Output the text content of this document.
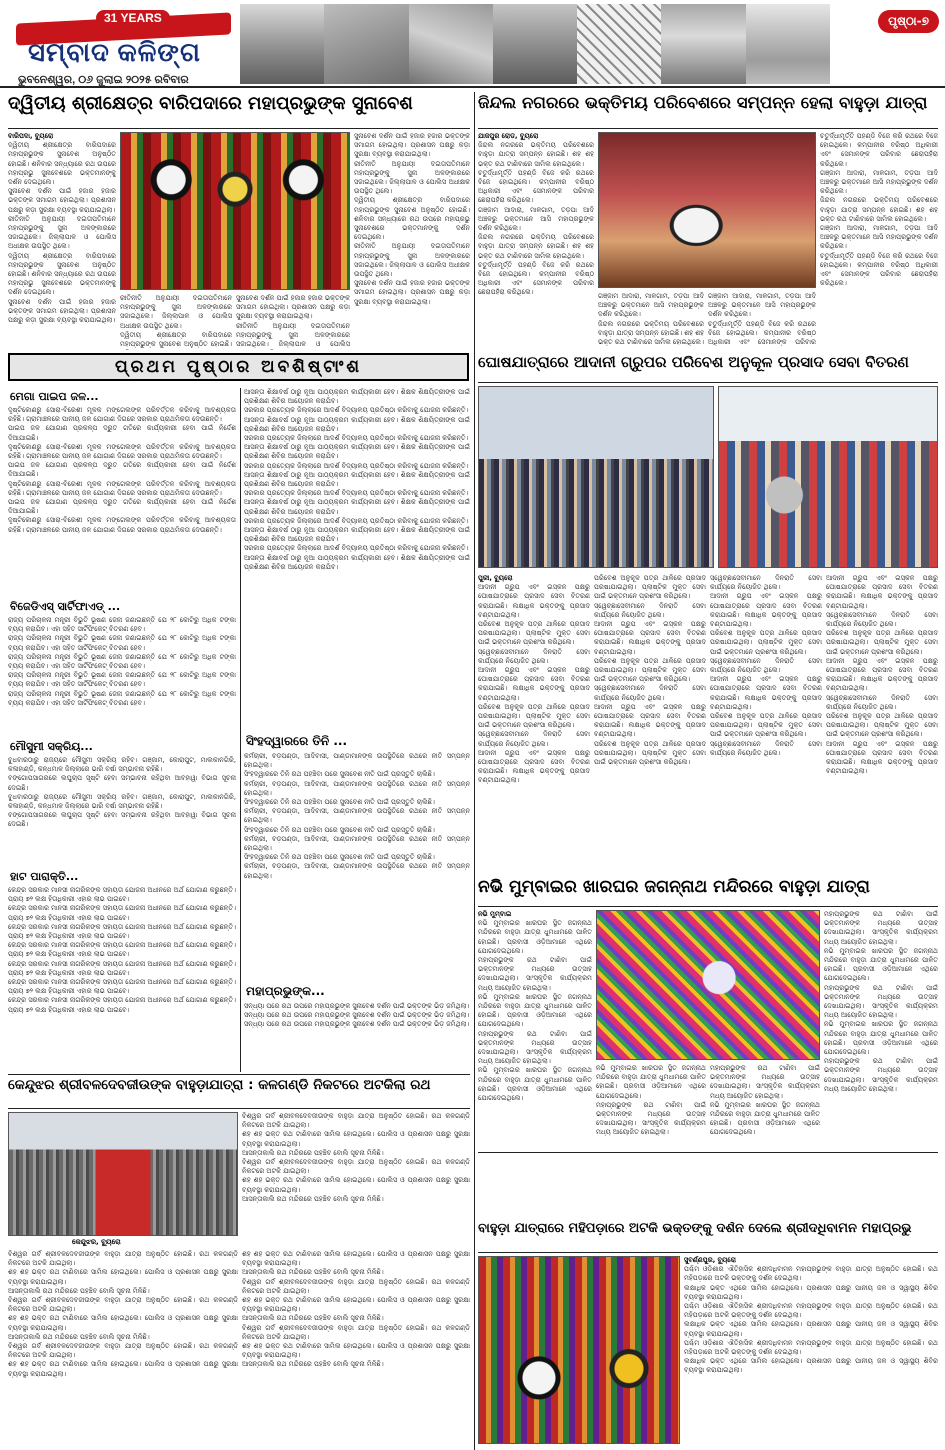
31 YEARS
ସମ୍ବାଦ କଳିଙ୍ଗ
ଭୁବନେଶ୍ୱର, ୦୬ ଜୁଲାଇ ୨୦୨୫ ରବିବାର
ପୃଷ୍ଠା-୭
ଦ୍ୱିତୀୟ ଶ୍ରୀକ୍ଷେତ୍ର ବାରିପଦାରେ ମହାପ୍ରଭୁଙ୍କ ସୁନାବେଶ
ବାରିପଦା, ବ୍ୟୁରୋ
ଦ୍ୱିତୀୟ ଶ୍ରୀକ୍ଷେତ୍ର ବାରିପଦାରେ ମହାପ୍ରଭୁଙ୍କ ସୁନାବେଶ ଅନୁଷ୍ଠିତ ହୋଇଛି। ଶନିବାର ସନ୍ଧ୍ୟାରେ ରଥ ଉପରେ ମହାପ୍ରଭୁ ସୁନାବେଶରେ ଭକ୍ତମାନଙ୍କୁ ଦର୍ଶନ ଦେଇଥିଲେ।
ସୁନାବେଶ ଦର୍ଶନ ପାଇଁ ହଜାର ହଜାର ଭକ୍ତଙ୍କ ସମାଗମ ହୋଇଥିଲା। ପ୍ରଶାସନ ପକ୍ଷରୁ କଡ଼ା ସୁରକ୍ଷା ବ୍ୟବସ୍ଥା କରାଯାଇଥିଲା।
ରୀତିନୀତି ଅନୁଯାୟୀ ଦଇତାପତିମାନେ ମହାପ୍ରଭୁଙ୍କୁ ସୁନା ଅଳଙ୍କାରରେ ସଜାଇଥିଲେ। ଜିଲ୍ଲାପାଳ ଓ ପୋଲିସ ଅଧୀକ୍ଷକ ଉପସ୍ଥିତ ଥିଲେ।
ଦ୍ୱିତୀୟ ଶ୍ରୀକ୍ଷେତ୍ର ବାରିପଦାରେ ମହାପ୍ରଭୁଙ୍କ ସୁନାବେଶ ଅନୁଷ୍ଠିତ ହୋଇଛି। ଶନିବାର ସନ୍ଧ୍ୟାରେ ରଥ ଉପରେ ମହାପ୍ରଭୁ ସୁନାବେଶରେ ଭକ୍ତମାନଙ୍କୁ ଦର୍ଶନ ଦେଇଥିଲେ।
ସୁନାବେଶ ଦର୍ଶନ ପାଇଁ ହଜାର ହଜାର ଭକ୍ତଙ୍କ ସମାଗମ ହୋଇଥିଲା। ପ୍ରଶାସନ ପକ୍ଷରୁ କଡ଼ା ସୁରକ୍ଷା ବ୍ୟବସ୍ଥା କରାଯାଇଥିଲା।
ସୁନାବେଶ ଦର୍ଶନ ପାଇଁ ହଜାର ହଜାର ଭକ୍ତଙ୍କ ସମାଗମ ହୋଇଥିଲା। ପ୍ରଶାସନ ପକ୍ଷରୁ କଡ଼ା ସୁରକ୍ଷା ବ୍ୟବସ୍ଥା କରାଯାଇଥିଲା।
ରୀତିନୀତି ଅନୁଯାୟୀ ଦଇତାପତିମାନେ ମହାପ୍ରଭୁଙ୍କୁ ସୁନା ଅଳଙ୍କାରରେ ସଜାଇଥିଲେ। ଜିଲ୍ଲାପାଳ ଓ ପୋଲିସ ଅଧୀକ୍ଷକ ଉପସ୍ଥିତ ଥିଲେ।
ଦ୍ୱିତୀୟ ଶ୍ରୀକ୍ଷେତ୍ର ବାରିପଦାରେ ମହାପ୍ରଭୁଙ୍କ ସୁନାବେଶ ଅନୁଷ୍ଠିତ ହୋଇଛି। ଶନିବାର ସନ୍ଧ୍ୟାରେ ରଥ ଉପରେ ମହାପ୍ରଭୁ ସୁନାବେଶରେ ଭକ୍ତମାନଙ୍କୁ ଦର୍ଶନ ଦେଇଥିଲେ।
ରୀତିନୀତି ଅନୁଯାୟୀ ଦଇତାପତିମାନେ ମହାପ୍ରଭୁଙ୍କୁ ସୁନା ଅଳଙ୍କାରରେ ସଜାଇଥିଲେ। ଜିଲ୍ଲାପାଳ ଓ ପୋଲିସ ଅଧୀକ୍ଷକ ଉପସ୍ଥିତ ଥିଲେ।
ସୁନାବେଶ ଦର୍ଶନ ପାଇଁ ହଜାର ହଜାର ଭକ୍ତଙ୍କ ସମାଗମ ହୋଇଥିଲା। ପ୍ରଶାସନ ପକ୍ଷରୁ କଡ଼ା ସୁରକ୍ଷା ବ୍ୟବସ୍ଥା କରାଯାଇଥିଲା।
ରୀତିନୀତି ଅନୁଯାୟୀ ଦଇତାପତିମାନେ ମହାପ୍ରଭୁଙ୍କୁ ସୁନା ଅଳଙ୍କାରରେ ସଜାଇଥିଲେ। ଜିଲ୍ଲାପାଳ ଓ ପୋଲିସ ଅଧୀକ୍ଷକ ଉପସ୍ଥିତ ଥିଲେ।
ଦ୍ୱିତୀୟ ଶ୍ରୀକ୍ଷେତ୍ର ବାରିପଦାରେ ମହାପ୍ରଭୁଙ୍କ ସୁନାବେଶ ଅନୁଷ୍ଠିତ ହୋଇଛି।
ସୁନାବେଶ ଦର୍ଶନ ପାଇଁ ହଜାର ହଜାର ଭକ୍ତଙ୍କ ସମାଗମ ହୋଇଥିଲା। ପ୍ରଶାସନ ପକ୍ଷରୁ କଡ଼ା ସୁରକ୍ଷା ବ୍ୟବସ୍ଥା କରାଯାଇଥିଲା।
ରୀତିନୀତି ଅନୁଯାୟୀ ଦଇତାପତିମାନେ ମହାପ୍ରଭୁଙ୍କୁ ସୁନା ଅଳଙ୍କାରରେ ସଜାଇଥିଲେ। ଜିଲ୍ଲାପାଳ ଓ ପୋଲିସ
ଜିନ୍ଦଲ ନଗରରେ ଭକ୍ତିମୟ ପରିବେଶରେ ସମ୍ପନ୍ନ ହେଲା ବାହୁଡ଼ା ଯାତ୍ରା
ଯାଜପୁର ରୋଡ, ବ୍ୟୁରୋ
ଜିନ୍ଦଲ ନଗରରେ ଭକ୍ତିମୟ ପରିବେଶରେ ବାହୁଡ଼ା ଯାତ୍ରା ସମ୍ପନ୍ନ ହୋଇଛି। ଶହ ଶହ ଭକ୍ତ ରଥ ଟାଣିବାରେ ସାମିଲ ହୋଇଥିଲେ।
ଚତୁର୍ଦ୍ଧାମୂର୍ତ୍ତି ପହଣ୍ଡି ବିଜେ କରି ରଥରେ ବିଜେ ହୋଇଥିଲେ। କମ୍ପାନୀର ବରିଷ୍ଠ ଅଧିକାରୀ ଏବଂ ସେମାନଙ୍କ ପରିବାର ଛେରାପହଁରା କରିଥିଲେ।
ଗଞ୍ଜାମ ଆଦାରା, ମାଳଗାମ, ତଡ଼ପା ଆଦି ଅଞ୍ଚଳରୁ ଭକ୍ତମାନେ ଆସି ମହାପ୍ରଭୁଙ୍କ ଦର୍ଶନ କରିଥିଲେ।
ଜିନ୍ଦଲ ନଗରରେ ଭକ୍ତିମୟ ପରିବେଶରେ ବାହୁଡ଼ା ଯାତ୍ରା ସମ୍ପନ୍ନ ହୋଇଛି। ଶହ ଶହ ଭକ୍ତ ରଥ ଟାଣିବାରେ ସାମିଲ ହୋଇଥିଲେ।
ଚତୁର୍ଦ୍ଧାମୂର୍ତ୍ତି ପହଣ୍ଡି ବିଜେ କରି ରଥରେ ବିଜେ ହୋଇଥିଲେ। କମ୍ପାନୀର ବରିଷ୍ଠ ଅଧିକାରୀ ଏବଂ ସେମାନଙ୍କ ପରିବାର ଛେରାପହଁରା କରିଥିଲେ।
ଚତୁର୍ଦ୍ଧାମୂର୍ତ୍ତି ପହଣ୍ଡି ବିଜେ କରି ରଥରେ ବିଜେ ହୋଇଥିଲେ। କମ୍ପାନୀର ବରିଷ୍ଠ ଅଧିକାରୀ ଏବଂ ସେମାନଙ୍କ ପରିବାର ଛେରାପହଁରା କରିଥିଲେ।
ଗଞ୍ଜାମ ଆଦାରା, ମାଳଗାମ, ତଡ଼ପା ଆଦି ଅଞ୍ଚଳରୁ ଭକ୍ତମାନେ ଆସି ମହାପ୍ରଭୁଙ୍କ ଦର୍ଶନ କରିଥିଲେ।
ଜିନ୍ଦଲ ନଗରରେ ଭକ୍ତିମୟ ପରିବେଶରେ ବାହୁଡ଼ା ଯାତ୍ରା ସମ୍ପନ୍ନ ହୋଇଛି। ଶହ ଶହ ଭକ୍ତ ରଥ ଟାଣିବାରେ ସାମିଲ ହୋଇଥିଲେ।
ଗଞ୍ଜାମ ଆଦାରା, ମାଳଗାମ, ତଡ଼ପା ଆଦି ଅଞ୍ଚଳରୁ ଭକ୍ତମାନେ ଆସି ମହାପ୍ରଭୁଙ୍କ ଦର୍ଶନ କରିଥିଲେ।
ଚତୁର୍ଦ୍ଧାମୂର୍ତ୍ତି ପହଣ୍ଡି ବିଜେ କରି ରଥରେ ବିଜେ ହୋଇଥିଲେ। କମ୍ପାନୀର ବରିଷ୍ଠ ଅଧିକାରୀ ଏବଂ ସେମାନଙ୍କ ପରିବାର ଛେରାପହଁରା କରିଥିଲେ।
ଗଞ୍ଜାମ ଆଦାରା, ମାଳଗାମ, ତଡ଼ପା ଆଦି ଅଞ୍ଚଳରୁ ଭକ୍ତମାନେ ଆସି ମହାପ୍ରଭୁଙ୍କ ଦର୍ଶନ କରିଥିଲେ।
ଜିନ୍ଦଲ ନଗରରେ ଭକ୍ତିମୟ ପରିବେଶରେ ବାହୁଡ଼ା ଯାତ୍ରା ସମ୍ପନ୍ନ ହୋଇଛି। ଶହ ଶହ ଭକ୍ତ ରଥ ଟାଣିବାରେ ସାମିଲ ହୋଇଥିଲେ।
ଗଞ୍ଜାମ ଆଦାରା, ମାଳଗାମ, ତଡ଼ପା ଆଦି ଅଞ୍ଚଳରୁ ଭକ୍ତମାନେ ଆସି ମହାପ୍ରଭୁଙ୍କ ଦର୍ଶନ କରିଥିଲେ।
ଚତୁର୍ଦ୍ଧାମୂର୍ତ୍ତି ପହଣ୍ଡି ବିଜେ କରି ରଥରେ ବିଜେ ହୋଇଥିଲେ। କମ୍ପାନୀର ବରିଷ୍ଠ ଅଧିକାରୀ ଏବଂ ସେମାନଙ୍କ ପରିବାର
ପ୍ରଥମ ପୃଷ୍ଠାର ଅବଶିଷ୍ଟାଂଶ
ମେଗା ପାଇପ ଜଳ...
ଦୃଷ୍ଟିକୋଣରୁ ସୋରା-ବିରେଶୀ ମୂଳକ ମଙ୍ଗେଲଙ୍କ ପରିବର୍ତ୍ତନ କରିବାକୁ ଆବଶ୍ୟକତା ରହିଛି। ଗ୍ରାମାଞ୍ଚଳରେ ପାନୀୟ ଜଳ ଯୋଗାଣ ଦିଗରେ ସରକାର ପ୍ରାଥମିକତା ଦେଉଛନ୍ତି।
ପାଇପ ଜଳ ଯୋଗାଣ ପ୍ରକଳ୍ପ ଦ୍ରୁତ ଗତିରେ କାର୍ଯ୍ୟକାରୀ ହେବା ପାଇଁ ନିର୍ଦ୍ଦେଶ ଦିଆଯାଇଛି।
ଦୃଷ୍ଟିକୋଣରୁ ସୋରା-ବିରେଶୀ ମୂଳକ ମଙ୍ଗେଲଙ୍କ ପରିବର୍ତ୍ତନ କରିବାକୁ ଆବଶ୍ୟକତା ରହିଛି। ଗ୍ରାମାଞ୍ଚଳରେ ପାନୀୟ ଜଳ ଯୋଗାଣ ଦିଗରେ ସରକାର ପ୍ରାଥମିକତା ଦେଉଛନ୍ତି।
ପାଇପ ଜଳ ଯୋଗାଣ ପ୍ରକଳ୍ପ ଦ୍ରୁତ ଗତିରେ କାର୍ଯ୍ୟକାରୀ ହେବା ପାଇଁ ନିର୍ଦ୍ଦେଶ ଦିଆଯାଇଛି।
ଦୃଷ୍ଟିକୋଣରୁ ସୋରା-ବିରେଶୀ ମୂଳକ ମଙ୍ଗେଲଙ୍କ ପରିବର୍ତ୍ତନ କରିବାକୁ ଆବଶ୍ୟକତା ରହିଛି। ଗ୍ରାମାଞ୍ଚଳରେ ପାନୀୟ ଜଳ ଯୋଗାଣ ଦିଗରେ ସରକାର ପ୍ରାଥମିକତା ଦେଉଛନ୍ତି।
ପାଇପ ଜଳ ଯୋଗାଣ ପ୍ରକଳ୍ପ ଦ୍ରୁତ ଗତିରେ କାର୍ଯ୍ୟକାରୀ ହେବା ପାଇଁ ନିର୍ଦ୍ଦେଶ ଦିଆଯାଇଛି।
ଦୃଷ୍ଟିକୋଣରୁ ସୋରା-ବିରେଶୀ ମୂଳକ ମଙ୍ଗେଲଙ୍କ ପରିବର୍ତ୍ତନ କରିବାକୁ ଆବଶ୍ୟକତା ରହିଛି। ଗ୍ରାମାଞ୍ଚଳରେ ପାନୀୟ ଜଳ ଯୋଗାଣ ଦିଗରେ ସରକାର ପ୍ରାଥମିକତା ଦେଉଛନ୍ତି।
ବିଜେଡିଏସ୍ ସାର୍ଟିଫାଏଡ୍ ...
ରାଜ୍ୟ ପରିଚାଳନା ମନ୍ତ୍ରୀ ବିଭୁତି ଭୂଷଣ ଜେନା ଜଣାଇଛନ୍ତି ଯେ ୨୮ କୋଟିରୁ ଅଧିକ ଟଙ୍କା ବ୍ୟୟ କରାଯିବ। ଏହା ସହିତ ସାର୍ଟିଫିକେଟ୍ ବିତରଣ ହେବ।
ରାଜ୍ୟ ପରିଚାଳନା ମନ୍ତ୍ରୀ ବିଭୁତି ଭୂଷଣ ଜେନା ଜଣାଇଛନ୍ତି ଯେ ୨୮ କୋଟିରୁ ଅଧିକ ଟଙ୍କା ବ୍ୟୟ କରାଯିବ। ଏହା ସହିତ ସାର୍ଟିଫିକେଟ୍ ବିତରଣ ହେବ।
ରାଜ୍ୟ ପରିଚାଳନା ମନ୍ତ୍ରୀ ବିଭୁତି ଭୂଷଣ ଜେନା ଜଣାଇଛନ୍ତି ଯେ ୨୮ କୋଟିରୁ ଅଧିକ ଟଙ୍କା ବ୍ୟୟ କରାଯିବ। ଏହା ସହିତ ସାର୍ଟିଫିକେଟ୍ ବିତରଣ ହେବ।
ରାଜ୍ୟ ପରିଚାଳନା ମନ୍ତ୍ରୀ ବିଭୁତି ଭୂଷଣ ଜେନା ଜଣାଇଛନ୍ତି ଯେ ୨୮ କୋଟିରୁ ଅଧିକ ଟଙ୍କା ବ୍ୟୟ କରାଯିବ। ଏହା ସହିତ ସାର୍ଟିଫିକେଟ୍ ବିତରଣ ହେବ।
ରାଜ୍ୟ ପରିଚାଳନା ମନ୍ତ୍ରୀ ବିଭୁତି ଭୂଷଣ ଜେନା ଜଣାଇଛନ୍ତି ଯେ ୨୮ କୋଟିରୁ ଅଧିକ ଟଙ୍କା ବ୍ୟୟ କରାଯିବ। ଏହା ସହିତ ସାର୍ଟିଫିକେଟ୍ ବିତରଣ ହେବ।
ମୌସୁମୀ ସକ୍ରିୟ...
ବୁଧବାରଠାରୁ ରାଜ୍ୟରେ ମୌସୁମୀ ସକ୍ରିୟ ରହିବ। ଗଞ୍ଜାମ, କୋରାପୁଟ, ମାଲକାନଗିରି, କଳାହାଣ୍ଡି, କନ୍ଧମାଳ ଜିଲ୍ଲାରେ ଭାରି ବର୍ଷା ସମ୍ଭାବନା ରହିଛି।
ବଙ୍ଗୋପସାଗରରେ ଲଘୁଚାପ ସୃଷ୍ଟି ହେବା ସମ୍ଭାବନା ରହିଥିବା ଆବହାୱା ବିଭାଗ ସୂଚନା ଦେଇଛି।
ବୁଧବାରଠାରୁ ରାଜ୍ୟରେ ମୌସୁମୀ ସକ୍ରିୟ ରହିବ। ଗଞ୍ଜାମ, କୋରାପୁଟ, ମାଲକାନଗିରି, କଳାହାଣ୍ଡି, କନ୍ଧମାଳ ଜିଲ୍ଲାରେ ଭାରି ବର୍ଷା ସମ୍ଭାବନା ରହିଛି।
ବଙ୍ଗୋପସାଗରରେ ଲଘୁଚାପ ସୃଷ୍ଟି ହେବା ସମ୍ଭାବନା ରହିଥିବା ଆବହାୱା ବିଭାଗ ସୂଚନା ଦେଇଛି।
ହାଟ ପାରାକ୍ତି...
କେନ୍ଦ୍ର ସରକାର ମାନସୀ ନାଗରିକଙ୍କ ସହାୟତା ଯୋଜନା ଅଧୀନରେ ଅର୍ଥ ଯୋଗାଣ କରୁଛନ୍ତି। ପ୍ରାୟ ୭୨ ଲକ୍ଷ ହିତାଧିକାରୀ ଏହାର ଲାଭ ପାଇବେ।
କେନ୍ଦ୍ର ସରକାର ମାନସୀ ନାଗରିକଙ୍କ ସହାୟତା ଯୋଜନା ଅଧୀନରେ ଅର୍ଥ ଯୋଗାଣ କରୁଛନ୍ତି। ପ୍ରାୟ ୭୨ ଲକ୍ଷ ହିତାଧିକାରୀ ଏହାର ଲାଭ ପାଇବେ।
କେନ୍ଦ୍ର ସରକାର ମାନସୀ ନାଗରିକଙ୍କ ସହାୟତା ଯୋଜନା ଅଧୀନରେ ଅର୍ଥ ଯୋଗାଣ କରୁଛନ୍ତି। ପ୍ରାୟ ୭୨ ଲକ୍ଷ ହିତାଧିକାରୀ ଏହାର ଲାଭ ପାଇବେ।
କେନ୍ଦ୍ର ସରକାର ମାନସୀ ନାଗରିକଙ୍କ ସହାୟତା ଯୋଜନା ଅଧୀନରେ ଅର୍ଥ ଯୋଗାଣ କରୁଛନ୍ତି। ପ୍ରାୟ ୭୨ ଲକ୍ଷ ହିତାଧିକାରୀ ଏହାର ଲାଭ ପାଇବେ।
କେନ୍ଦ୍ର ସରକାର ମାନସୀ ନାଗରିକଙ୍କ ସହାୟତା ଯୋଜନା ଅଧୀନରେ ଅର୍ଥ ଯୋଗାଣ କରୁଛନ୍ତି। ପ୍ରାୟ ୭୨ ଲକ୍ଷ ହିତାଧିକାରୀ ଏହାର ଲାଭ ପାଇବେ।
କେନ୍ଦ୍ର ସରକାର ମାନସୀ ନାଗରିକଙ୍କ ସହାୟତା ଯୋଜନା ଅଧୀନରେ ଅର୍ଥ ଯୋଗାଣ କରୁଛନ୍ତି। ପ୍ରାୟ ୭୨ ଲକ୍ଷ ହିତାଧିକାରୀ ଏହାର ଲାଭ ପାଇବେ।
କେନ୍ଦ୍ର ସରକାର ମାନସୀ ନାଗରିକଙ୍କ ସହାୟତା ଯୋଜନା ଅଧୀନରେ ଅର୍ଥ ଯୋଗାଣ କରୁଛନ୍ତି। ପ୍ରାୟ ୭୨ ଲକ୍ଷ ହିତାଧିକାରୀ ଏହାର ଲାଭ ପାଇବେ।
ଆସନ୍ତା ଶିକ୍ଷାବର୍ଷ ଠାରୁ ନୂଆ ପାଠ୍ୟକ୍ରମ କାର୍ଯ୍ୟକାରୀ ହେବ। ଶିକ୍ଷକ ଶିକ୍ଷୟିତ୍ରୀଙ୍କ ପାଇଁ ପ୍ରଶିକ୍ଷଣ ଶିବିର ଆୟୋଜନ କରାଯିବ।
ସରକାର ପ୍ରତ୍ୟେକ ଜିଲ୍ଲାରେ ଆଦର୍ଶ ବିଦ୍ୟାଳୟ ପ୍ରତିଷ୍ଠା କରିବାକୁ ଯୋଜନା କରିଛନ୍ତି।
ଆସନ୍ତା ଶିକ୍ଷାବର୍ଷ ଠାରୁ ନୂଆ ପାଠ୍ୟକ୍ରମ କାର୍ଯ୍ୟକାରୀ ହେବ। ଶିକ୍ଷକ ଶିକ୍ଷୟିତ୍ରୀଙ୍କ ପାଇଁ ପ୍ରଶିକ୍ଷଣ ଶିବିର ଆୟୋଜନ କରାଯିବ।
ସରକାର ପ୍ରତ୍ୟେକ ଜିଲ୍ଲାରେ ଆଦର୍ଶ ବିଦ୍ୟାଳୟ ପ୍ରତିଷ୍ଠା କରିବାକୁ ଯୋଜନା କରିଛନ୍ତି।
ଆସନ୍ତା ଶିକ୍ଷାବର୍ଷ ଠାରୁ ନୂଆ ପାଠ୍ୟକ୍ରମ କାର୍ଯ୍ୟକାରୀ ହେବ। ଶିକ୍ଷକ ଶିକ୍ଷୟିତ୍ରୀଙ୍କ ପାଇଁ ପ୍ରଶିକ୍ଷଣ ଶିବିର ଆୟୋଜନ କରାଯିବ।
ସରକାର ପ୍ରତ୍ୟେକ ଜିଲ୍ଲାରେ ଆଦର୍ଶ ବିଦ୍ୟାଳୟ ପ୍ରତିଷ୍ଠା କରିବାକୁ ଯୋଜନା କରିଛନ୍ତି।
ଆସନ୍ତା ଶିକ୍ଷାବର୍ଷ ଠାରୁ ନୂଆ ପାଠ୍ୟକ୍ରମ କାର୍ଯ୍ୟକାରୀ ହେବ। ଶିକ୍ଷକ ଶିକ୍ଷୟିତ୍ରୀଙ୍କ ପାଇଁ ପ୍ରଶିକ୍ଷଣ ଶିବିର ଆୟୋଜନ କରାଯିବ।
ସରକାର ପ୍ରତ୍ୟେକ ଜିଲ୍ଲାରେ ଆଦର୍ଶ ବିଦ୍ୟାଳୟ ପ୍ରତିଷ୍ଠା କରିବାକୁ ଯୋଜନା କରିଛନ୍ତି।
ଆସନ୍ତା ଶିକ୍ଷାବର୍ଷ ଠାରୁ ନୂଆ ପାଠ୍ୟକ୍ରମ କାର୍ଯ୍ୟକାରୀ ହେବ। ଶିକ୍ଷକ ଶିକ୍ଷୟିତ୍ରୀଙ୍କ ପାଇଁ ପ୍ରଶିକ୍ଷଣ ଶିବିର ଆୟୋଜନ କରାଯିବ।
ସରକାର ପ୍ରତ୍ୟେକ ଜିଲ୍ଲାରେ ଆଦର୍ଶ ବିଦ୍ୟାଳୟ ପ୍ରତିଷ୍ଠା କରିବାକୁ ଯୋଜନା କରିଛନ୍ତି।
ଆସନ୍ତା ଶିକ୍ଷାବର୍ଷ ଠାରୁ ନୂଆ ପାଠ୍ୟକ୍ରମ କାର୍ଯ୍ୟକାରୀ ହେବ। ଶିକ୍ଷକ ଶିକ୍ଷୟିତ୍ରୀଙ୍କ ପାଇଁ ପ୍ରଶିକ୍ଷଣ ଶିବିର ଆୟୋଜନ କରାଯିବ।
ସରକାର ପ୍ରତ୍ୟେକ ଜିଲ୍ଲାରେ ଆଦର୍ଶ ବିଦ୍ୟାଳୟ ପ୍ରତିଷ୍ଠା କରିବାକୁ ଯୋଜନା କରିଛନ୍ତି।
ଆସନ୍ତା ଶିକ୍ଷାବର୍ଷ ଠାରୁ ନୂଆ ପାଠ୍ୟକ୍ରମ କାର୍ଯ୍ୟକାରୀ ହେବ। ଶିକ୍ଷକ ଶିକ୍ଷୟିତ୍ରୀଙ୍କ ପାଇଁ ପ୍ରଶିକ୍ଷଣ ଶିବିର ଆୟୋଜନ କରାଯିବ।
ସିଂହଦ୍ୱାରରେ ତିନି ...
କର୍ମଚାରୀ, ବଡ଼ପଣ୍ଡା, ଆଦିବାସୀ, ପାଣ୍ଡାମାନଙ୍କ ଉପସ୍ଥିତିରେ ରଥରେ ନୀତି ସମ୍ପନ୍ନ ହୋଇଥିଲା।
ସିଂହଦ୍ୱାରରେ ତିନି ରଥ ପହଞ୍ଚିବା ପରେ ସୁନାବେଶ ନୀତି ପାଇଁ ପ୍ରସ୍ତୁତି ଚାଲିଛି।
କର୍ମଚାରୀ, ବଡ଼ପଣ୍ଡା, ଆଦିବାସୀ, ପାଣ୍ଡାମାନଙ୍କ ଉପସ୍ଥିତିରେ ରଥରେ ନୀତି ସମ୍ପନ୍ନ ହୋଇଥିଲା।
ସିଂହଦ୍ୱାରରେ ତିନି ରଥ ପହଞ୍ଚିବା ପରେ ସୁନାବେଶ ନୀତି ପାଇଁ ପ୍ରସ୍ତୁତି ଚାଲିଛି।
କର୍ମଚାରୀ, ବଡ଼ପଣ୍ଡା, ଆଦିବାସୀ, ପାଣ୍ଡାମାନଙ୍କ ଉପସ୍ଥିତିରେ ରଥରେ ନୀତି ସମ୍ପନ୍ନ ହୋଇଥିଲା।
ସିଂହଦ୍ୱାରରେ ତିନି ରଥ ପହଞ୍ଚିବା ପରେ ସୁନାବେଶ ନୀତି ପାଇଁ ପ୍ରସ୍ତୁତି ଚାଲିଛି।
କର୍ମଚାରୀ, ବଡ଼ପଣ୍ଡା, ଆଦିବାସୀ, ପାଣ୍ଡାମାନଙ୍କ ଉପସ୍ଥିତିରେ ରଥରେ ନୀତି ସମ୍ପନ୍ନ ହୋଇଥିଲା।
ସିଂହଦ୍ୱାରରେ ତିନି ରଥ ପହଞ୍ଚିବା ପରେ ସୁନାବେଶ ନୀତି ପାଇଁ ପ୍ରସ୍ତୁତି ଚାଲିଛି।
କର୍ମଚାରୀ, ବଡ଼ପଣ୍ଡା, ଆଦିବାସୀ, ପାଣ୍ଡାମାନଙ୍କ ଉପସ୍ଥିତିରେ ରଥରେ ନୀତି ସମ୍ପନ୍ନ ହୋଇଥିଲା।
ମହାପ୍ରଭୁଙ୍କ...
ସନ୍ଧ୍ୟା ପରେ ରଥ ଉପରେ ମହାପ୍ରଭୁଙ୍କ ସୁନାବେଶ ଦର୍ଶନ ପାଇଁ ଭକ୍ତଙ୍କ ଭିଡ଼ ଜମିଥିଲା।
ସନ୍ଧ୍ୟା ପରେ ରଥ ଉପରେ ମହାପ୍ରଭୁଙ୍କ ସୁନାବେଶ ଦର୍ଶନ ପାଇଁ ଭକ୍ତଙ୍କ ଭିଡ଼ ଜମିଥିଲା।
ସନ୍ଧ୍ୟା ପରେ ରଥ ଉପରେ ମହାପ୍ରଭୁଙ୍କ ସୁନାବେଶ ଦର୍ଶନ ପାଇଁ ଭକ୍ତଙ୍କ ଭିଡ଼ ଜମିଥିଲା।
ଘୋଷଯାତ୍ରାରେ ଆଦାନୀ ଗ୍ରୁପର ପରିବେଶ ଅନୁକୂଳ ପ୍ରସାଦ ସେବା ବିତରଣ
ପୁରୀ, ବ୍ୟୁରୋ
ଆଦାନୀ ଗ୍ରୁପ ଏବଂ ଇସ୍କନ ପକ୍ଷରୁ ଘୋଷଯାତ୍ରାରେ ପ୍ରସାଦ ସେବା ବିତରଣ କରାଯାଇଛି। ଲକ୍ଷାଧିକ ଭକ୍ତଙ୍କୁ ପ୍ରସାଦ ବଣ୍ଟାଯାଇଥିଲା।
ପରିବେଶ ଅନୁକୂଳ ପତ୍ର ଥାଳିରେ ପ୍ରସାଦ ପରଷାଯାଇଥିଲା। ପ୍ଲାଷ୍ଟିକ ମୁକ୍ତ ସେବା ପାଇଁ ଭକ୍ତମାନେ ପ୍ରଶଂସା କରିଥିଲେ।
ସ୍ୱେଚ୍ଛାସେବୀମାନେ ଦିନରାତି ସେବା କାର୍ଯ୍ୟରେ ନିୟୋଜିତ ଥିଲେ।
ଆଦାନୀ ଗ୍ରୁପ ଏବଂ ଇସ୍କନ ପକ୍ଷରୁ ଘୋଷଯାତ୍ରାରେ ପ୍ରସାଦ ସେବା ବିତରଣ କରାଯାଇଛି। ଲକ୍ଷାଧିକ ଭକ୍ତଙ୍କୁ ପ୍ରସାଦ ବଣ୍ଟାଯାଇଥିଲା।
ପରିବେଶ ଅନୁକୂଳ ପତ୍ର ଥାଳିରେ ପ୍ରସାଦ ପରଷାଯାଇଥିଲା। ପ୍ଲାଷ୍ଟିକ ମୁକ୍ତ ସେବା ପାଇଁ ଭକ୍ତମାନେ ପ୍ରଶଂସା କରିଥିଲେ।
ସ୍ୱେଚ୍ଛାସେବୀମାନେ ଦିନରାତି ସେବା କାର୍ଯ୍ୟରେ ନିୟୋଜିତ ଥିଲେ।
ଆଦାନୀ ଗ୍ରୁପ ଏବଂ ଇସ୍କନ ପକ୍ଷରୁ ଘୋଷଯାତ୍ରାରେ ପ୍ରସାଦ ସେବା ବିତରଣ କରାଯାଇଛି। ଲକ୍ଷାଧିକ ଭକ୍ତଙ୍କୁ ପ୍ରସାଦ ବଣ୍ଟାଯାଇଥିଲା।
ପରିବେଶ ଅନୁକୂଳ ପତ୍ର ଥାଳିରେ ପ୍ରସାଦ ପରଷାଯାଇଥିଲା। ପ୍ଲାଷ୍ଟିକ ମୁକ୍ତ ସେବା ପାଇଁ ଭକ୍ତମାନେ ପ୍ରଶଂସା କରିଥିଲେ।
ସ୍ୱେଚ୍ଛାସେବୀମାନେ ଦିନରାତି ସେବା କାର୍ଯ୍ୟରେ ନିୟୋଜିତ ଥିଲେ।
ଆଦାନୀ ଗ୍ରୁପ ଏବଂ ଇସ୍କନ ପକ୍ଷରୁ ଘୋଷଯାତ୍ରାରେ ପ୍ରସାଦ ସେବା ବିତରଣ କରାଯାଇଛି। ଲକ୍ଷାଧିକ ଭକ୍ତଙ୍କୁ ପ୍ରସାଦ ବଣ୍ଟାଯାଇଥିଲା।
ପରିବେଶ ଅନୁକୂଳ ପତ୍ର ଥାଳିରେ ପ୍ରସାଦ ପରଷାଯାଇଥିଲା। ପ୍ଲାଷ୍ଟିକ ମୁକ୍ତ ସେବା ପାଇଁ ଭକ୍ତମାନେ ପ୍ରଶଂସା କରିଥିଲେ।
ସ୍ୱେଚ୍ଛାସେବୀମାନେ ଦିନରାତି ସେବା କାର୍ଯ୍ୟରେ ନିୟୋଜିତ ଥିଲେ।
ଆଦାନୀ ଗ୍ରୁପ ଏବଂ ଇସ୍କନ ପକ୍ଷରୁ ଘୋଷଯାତ୍ରାରେ ପ୍ରସାଦ ସେବା ବିତରଣ କରାଯାଇଛି। ଲକ୍ଷାଧିକ ଭକ୍ତଙ୍କୁ ପ୍ରସାଦ ବଣ୍ଟାଯାଇଥିଲା।
ପରିବେଶ ଅନୁକୂଳ ପତ୍ର ଥାଳିରେ ପ୍ରସାଦ ପରଷାଯାଇଥିଲା। ପ୍ଲାଷ୍ଟିକ ମୁକ୍ତ ସେବା ପାଇଁ ଭକ୍ତମାନେ ପ୍ରଶଂସା କରିଥିଲେ।
ସ୍ୱେଚ୍ଛାସେବୀମାନେ ଦିନରାତି ସେବା କାର୍ଯ୍ୟରେ ନିୟୋଜିତ ଥିଲେ।
ଆଦାନୀ ଗ୍ରୁପ ଏବଂ ଇସ୍କନ ପକ୍ଷରୁ ଘୋଷଯାତ୍ରାରେ ପ୍ରସାଦ ସେବା ବିତରଣ କରାଯାଇଛି। ଲକ୍ଷାଧିକ ଭକ୍ତଙ୍କୁ ପ୍ରସାଦ ବଣ୍ଟାଯାଇଥିଲା।
ପରିବେଶ ଅନୁକୂଳ ପତ୍ର ଥାଳିରେ ପ୍ରସାଦ ପରଷାଯାଇଥିଲା। ପ୍ଲାଷ୍ଟିକ ମୁକ୍ତ ସେବା ପାଇଁ ଭକ୍ତମାନେ ପ୍ରଶଂସା କରିଥିଲେ।
ସ୍ୱେଚ୍ଛାସେବୀମାନେ ଦିନରାତି ସେବା କାର୍ଯ୍ୟରେ ନିୟୋଜିତ ଥିଲେ।
ଆଦାନୀ ଗ୍ରୁପ ଏବଂ ଇସ୍କନ ପକ୍ଷରୁ ଘୋଷଯାତ୍ରାରେ ପ୍ରସାଦ ସେବା ବିତରଣ କରାଯାଇଛି। ଲକ୍ଷାଧିକ ଭକ୍ତଙ୍କୁ ପ୍ରସାଦ ବଣ୍ଟାଯାଇଥିଲା।
ପରିବେଶ ଅନୁକୂଳ ପତ୍ର ଥାଳିରେ ପ୍ରସାଦ ପରଷାଯାଇଥିଲା। ପ୍ଲାଷ୍ଟିକ ମୁକ୍ତ ସେବା ପାଇଁ ଭକ୍ତମାନେ ପ୍ରଶଂସା କରିଥିଲେ।
ସ୍ୱେଚ୍ଛାସେବୀମାନେ ଦିନରାତି ସେବା କାର୍ଯ୍ୟରେ ନିୟୋଜିତ ଥିଲେ।
ଆଦାନୀ ଗ୍ରୁପ ଏବଂ ଇସ୍କନ ପକ୍ଷରୁ ଘୋଷଯାତ୍ରାରେ ପ୍ରସାଦ ସେବା ବିତରଣ କରାଯାଇଛି। ଲକ୍ଷାଧିକ ଭକ୍ତଙ୍କୁ ପ୍ରସାଦ ବଣ୍ଟାଯାଇଥିଲା।
ସ୍ୱେଚ୍ଛାସେବୀମାନେ ଦିନରାତି ସେବା କାର୍ଯ୍ୟରେ ନିୟୋଜିତ ଥିଲେ।
ପରିବେଶ ଅନୁକୂଳ ପତ୍ର ଥାଳିରେ ପ୍ରସାଦ ପରଷାଯାଇଥିଲା। ପ୍ଲାଷ୍ଟିକ ମୁକ୍ତ ସେବା ପାଇଁ ଭକ୍ତମାନେ ପ୍ରଶଂସା କରିଥିଲେ।
ଆଦାନୀ ଗ୍ରୁପ ଏବଂ ଇସ୍କନ ପକ୍ଷରୁ ଘୋଷଯାତ୍ରାରେ ପ୍ରସାଦ ସେବା ବିତରଣ କରାଯାଇଛି। ଲକ୍ଷାଧିକ ଭକ୍ତଙ୍କୁ ପ୍ରସାଦ ବଣ୍ଟାଯାଇଥିଲା।
ସ୍ୱେଚ୍ଛାସେବୀମାନେ ଦିନରାତି ସେବା କାର୍ଯ୍ୟରେ ନିୟୋଜିତ ଥିଲେ।
ପରିବେଶ ଅନୁକୂଳ ପତ୍ର ଥାଳିରେ ପ୍ରସାଦ ପରଷାଯାଇଥିଲା। ପ୍ଲାଷ୍ଟିକ ମୁକ୍ତ ସେବା ପାଇଁ ଭକ୍ତମାନେ ପ୍ରଶଂସା କରିଥିଲେ।
ଆଦାନୀ ଗ୍ରୁପ ଏବଂ ଇସ୍କନ ପକ୍ଷରୁ ଘୋଷଯାତ୍ରାରେ ପ୍ରସାଦ ସେବା ବିତରଣ କରାଯାଇଛି। ଲକ୍ଷାଧିକ ଭକ୍ତଙ୍କୁ ପ୍ରସାଦ ବଣ୍ଟାଯାଇଥିଲା।
ନଭି ମୁମ୍ବାଇର ଖାରଘର ଜଗନ୍ନାଥ ମନ୍ଦିରରେ ବାହୁଡ଼ା ଯାତ୍ରା
ନଭି ମୁମ୍ବାଇ
ନଭି ମୁମ୍ବାଇର ଖାରଘର ସ୍ଥିତ ଜଗନ୍ନାଥ ମନ୍ଦିରରେ ବାହୁଡ଼ା ଯାତ୍ରା ଧୁମଧାମରେ ପାଳିତ ହୋଇଛି। ପ୍ରବାସୀ ଓଡ଼ିଆମାନେ ଏଥିରେ ଯୋଗଦେଇଥିଲେ।
ମହାପ୍ରଭୁଙ୍କ ରଥ ଟାଣିବା ପାଇଁ ଭକ୍ତମାନଙ୍କ ମଧ୍ୟରେ ଉତ୍ସାହ ଦେଖାଯାଇଥିଲା। ସାଂସ୍କୃତିକ କାର୍ଯ୍ୟକ୍ରମ ମଧ୍ୟ ଆୟୋଜିତ ହୋଇଥିଲା।
ନଭି ମୁମ୍ବାଇର ଖାରଘର ସ୍ଥିତ ଜଗନ୍ନାଥ ମନ୍ଦିରରେ ବାହୁଡ଼ା ଯାତ୍ରା ଧୁମଧାମରେ ପାଳିତ ହୋଇଛି। ପ୍ରବାସୀ ଓଡ଼ିଆମାନେ ଏଥିରେ ଯୋଗଦେଇଥିଲେ।
ମହାପ୍ରଭୁଙ୍କ ରଥ ଟାଣିବା ପାଇଁ ଭକ୍ତମାନଙ୍କ ମଧ୍ୟରେ ଉତ୍ସାହ ଦେଖାଯାଇଥିଲା। ସାଂସ୍କୃତିକ କାର୍ଯ୍ୟକ୍ରମ ମଧ୍ୟ ଆୟୋଜିତ ହୋଇଥିଲା।
ନଭି ମୁମ୍ବାଇର ଖାରଘର ସ୍ଥିତ ଜଗନ୍ନାଥ ମନ୍ଦିରରେ ବାହୁଡ଼ା ଯାତ୍ରା ଧୁମଧାମରେ ପାଳିତ ହୋଇଛି। ପ୍ରବାସୀ ଓଡ଼ିଆମାନେ ଏଥିରେ ଯୋଗଦେଇଥିଲେ।
ମହାପ୍ରଭୁଙ୍କ ରଥ ଟାଣିବା ପାଇଁ ଭକ୍ତମାନଙ୍କ ମଧ୍ୟରେ ଉତ୍ସାହ ଦେଖାଯାଇଥିଲା। ସାଂସ୍କୃତିକ କାର୍ଯ୍ୟକ୍ରମ ମଧ୍ୟ ଆୟୋଜିତ ହୋଇଥିଲା।
ନଭି ମୁମ୍ବାଇର ଖାରଘର ସ୍ଥିତ ଜଗନ୍ନାଥ ମନ୍ଦିରରେ ବାହୁଡ଼ା ଯାତ୍ରା ଧୁମଧାମରେ ପାଳିତ ହୋଇଛି। ପ୍ରବାସୀ ଓଡ଼ିଆମାନେ ଏଥିରେ ଯୋଗଦେଇଥିଲେ।
ମହାପ୍ରଭୁଙ୍କ ରଥ ଟାଣିବା ପାଇଁ ଭକ୍ତମାନଙ୍କ ମଧ୍ୟରେ ଉତ୍ସାହ ଦେଖାଯାଇଥିଲା। ସାଂସ୍କୃତିକ କାର୍ଯ୍ୟକ୍ରମ ମଧ୍ୟ ଆୟୋଜିତ ହୋଇଥିଲା।
ନଭି ମୁମ୍ବାଇର ଖାରଘର ସ୍ଥିତ ଜଗନ୍ନାଥ ମନ୍ଦିରରେ ବାହୁଡ଼ା ଯାତ୍ରା ଧୁମଧାମରେ ପାଳିତ ହୋଇଛି। ପ୍ରବାସୀ ଓଡ଼ିଆମାନେ ଏଥିରେ ଯୋଗଦେଇଥିଲେ।
ମହାପ୍ରଭୁଙ୍କ ରଥ ଟାଣିବା ପାଇଁ ଭକ୍ତମାନଙ୍କ ମଧ୍ୟରେ ଉତ୍ସାହ ଦେଖାଯାଇଥିଲା। ସାଂସ୍କୃତିକ କାର୍ଯ୍ୟକ୍ରମ ମଧ୍ୟ ଆୟୋଜିତ ହୋଇଥିଲା।
ନଭି ମୁମ୍ବାଇର ଖାରଘର ସ୍ଥିତ ଜଗନ୍ନାଥ ମନ୍ଦିରରେ ବାହୁଡ଼ା ଯାତ୍ରା ଧୁମଧାମରେ ପାଳିତ ହୋଇଛି। ପ୍ରବାସୀ ଓଡ଼ିଆମାନେ ଏଥିରେ ଯୋଗଦେଇଥିଲେ।
ମହାପ୍ରଭୁଙ୍କ ରଥ ଟାଣିବା ପାଇଁ ଭକ୍ତମାନଙ୍କ ମଧ୍ୟରେ ଉତ୍ସାହ ଦେଖାଯାଇଥିଲା। ସାଂସ୍କୃତିକ କାର୍ଯ୍ୟକ୍ରମ ମଧ୍ୟ ଆୟୋଜିତ ହୋଇଥିଲା।
ମହାପ୍ରଭୁଙ୍କ ରଥ ଟାଣିବା ପାଇଁ ଭକ୍ତମାନଙ୍କ ମଧ୍ୟରେ ଉତ୍ସାହ ଦେଖାଯାଇଥିଲା। ସାଂସ୍କୃତିକ କାର୍ଯ୍ୟକ୍ରମ ମଧ୍ୟ ଆୟୋଜିତ ହୋଇଥିଲା।
ନଭି ମୁମ୍ବାଇର ଖାରଘର ସ୍ଥିତ ଜଗନ୍ନାଥ ମନ୍ଦିରରେ ବାହୁଡ଼ା ଯାତ୍ରା ଧୁମଧାମରେ ପାଳିତ ହୋଇଛି। ପ୍ରବାସୀ ଓଡ଼ିଆମାନେ ଏଥିରେ ଯୋଗଦେଇଥିଲେ।
କେନ୍ଦୁଝର ଶ୍ରୀବଳଦେବଜୀଉଙ୍କ ବାହୁଡ଼ାଯାତ୍ରା : କଳଗଣ୍ଡି ନିକଟରେ ଅଟକିଲା ରଥ
କେନ୍ଦୁଝର, ବ୍ୟୁରୋ
ବିଶ୍ୱର ଗର୍ବ ଶ୍ରୀବଳଦେବଜୀଉଙ୍କ ବାହୁଡ଼ା ଯାତ୍ରା ଅନୁଷ୍ଠିତ ହୋଇଛି। ରଥ କଳଗଣ୍ଡି ନିକଟରେ ଅଟକି ଯାଇଥିଲା।
ଶହ ଶହ ଭକ୍ତ ରଥ ଟାଣିବାରେ ସାମିଲ ହୋଇଥିଲେ। ପୋଲିସ ଓ ପ୍ରଶାସନ ପକ୍ଷରୁ ସୁରକ୍ଷା ବ୍ୟବସ୍ଥା କରାଯାଇଥିଲା।
ଆସନ୍ତାକାଲି ରଥ ମନ୍ଦିରରେ ପହଞ୍ଚିବ ବୋଲି ସୂଚନା ମିଳିଛି।
ବିଶ୍ୱର ଗର୍ବ ଶ୍ରୀବଳଦେବଜୀଉଙ୍କ ବାହୁଡ଼ା ଯାତ୍ରା ଅନୁଷ୍ଠିତ ହୋଇଛି। ରଥ କଳଗଣ୍ଡି ନିକଟରେ ଅଟକି ଯାଇଥିଲା।
ଶହ ଶହ ଭକ୍ତ ରଥ ଟାଣିବାରେ ସାମିଲ ହୋଇଥିଲେ। ପୋଲିସ ଓ ପ୍ରଶାସନ ପକ୍ଷରୁ ସୁରକ୍ଷା ବ୍ୟବସ୍ଥା କରାଯାଇଥିଲା।
ଆସନ୍ତାକାଲି ରଥ ମନ୍ଦିରରେ ପହଞ୍ଚିବ ବୋଲି ସୂଚନା ମିଳିଛି।
ବିଶ୍ୱର ଗର୍ବ ଶ୍ରୀବଳଦେବଜୀଉଙ୍କ ବାହୁଡ଼ା ଯାତ୍ରା ଅନୁଷ୍ଠିତ ହୋଇଛି। ରଥ କଳଗଣ୍ଡି ନିକଟରେ ଅଟକି ଯାଇଥିଲା।
ଶହ ଶହ ଭକ୍ତ ରଥ ଟାଣିବାରେ ସାମିଲ ହୋଇଥିଲେ। ପୋଲିସ ଓ ପ୍ରଶାସନ ପକ୍ଷରୁ ସୁରକ୍ଷା ବ୍ୟବସ୍ଥା କରାଯାଇଥିଲା।
ଆସନ୍ତାକାଲି ରଥ ମନ୍ଦିରରେ ପହଞ୍ଚିବ ବୋଲି ସୂଚନା ମିଳିଛି।
ବିଶ୍ୱର ଗର୍ବ ଶ୍ରୀବଳଦେବଜୀଉଙ୍କ ବାହୁଡ଼ା ଯାତ୍ରା ଅନୁଷ୍ଠିତ ହୋଇଛି। ରଥ କଳଗଣ୍ଡି ନିକଟରେ ଅଟକି ଯାଇଥିଲା।
ଶହ ଶହ ଭକ୍ତ ରଥ ଟାଣିବାରେ ସାମିଲ ହୋଇଥିଲେ। ପୋଲିସ ଓ ପ୍ରଶାସନ ପକ୍ଷରୁ ସୁରକ୍ଷା ବ୍ୟବସ୍ଥା କରାଯାଇଥିଲା।
ଆସନ୍ତାକାଲି ରଥ ମନ୍ଦିରରେ ପହଞ୍ଚିବ ବୋଲି ସୂଚନା ମିଳିଛି।
ବିଶ୍ୱର ଗର୍ବ ଶ୍ରୀବଳଦେବଜୀଉଙ୍କ ବାହୁଡ଼ା ଯାତ୍ରା ଅନୁଷ୍ଠିତ ହୋଇଛି। ରଥ କଳଗଣ୍ଡି ନିକଟରେ ଅଟକି ଯାଇଥିଲା।
ଶହ ଶହ ଭକ୍ତ ରଥ ଟାଣିବାରେ ସାମିଲ ହୋଇଥିଲେ। ପୋଲିସ ଓ ପ୍ରଶାସନ ପକ୍ଷରୁ ସୁରକ୍ଷା ବ୍ୟବସ୍ଥା କରାଯାଇଥିଲା।
ଶହ ଶହ ଭକ୍ତ ରଥ ଟାଣିବାରେ ସାମିଲ ହୋଇଥିଲେ। ପୋଲିସ ଓ ପ୍ରଶାସନ ପକ୍ଷରୁ ସୁରକ୍ଷା ବ୍ୟବସ୍ଥା କରାଯାଇଥିଲା।
ଆସନ୍ତାକାଲି ରଥ ମନ୍ଦିରରେ ପହଞ୍ଚିବ ବୋଲି ସୂଚନା ମିଳିଛି।
ବିଶ୍ୱର ଗର୍ବ ଶ୍ରୀବଳଦେବଜୀଉଙ୍କ ବାହୁଡ଼ା ଯାତ୍ରା ଅନୁଷ୍ଠିତ ହୋଇଛି। ରଥ କଳଗଣ୍ଡି ନିକଟରେ ଅଟକି ଯାଇଥିଲା।
ଶହ ଶହ ଭକ୍ତ ରଥ ଟାଣିବାରେ ସାମିଲ ହୋଇଥିଲେ। ପୋଲିସ ଓ ପ୍ରଶାସନ ପକ୍ଷରୁ ସୁରକ୍ଷା ବ୍ୟବସ୍ଥା କରାଯାଇଥିଲା।
ଆସନ୍ତାକାଲି ରଥ ମନ୍ଦିରରେ ପହଞ୍ଚିବ ବୋଲି ସୂଚନା ମିଳିଛି।
ବିଶ୍ୱର ଗର୍ବ ଶ୍ରୀବଳଦେବଜୀଉଙ୍କ ବାହୁଡ଼ା ଯାତ୍ରା ଅନୁଷ୍ଠିତ ହୋଇଛି। ରଥ କଳଗଣ୍ଡି ନିକଟରେ ଅଟକି ଯାଇଥିଲା।
ଶହ ଶହ ଭକ୍ତ ରଥ ଟାଣିବାରେ ସାମିଲ ହୋଇଥିଲେ। ପୋଲିସ ଓ ପ୍ରଶାସନ ପକ୍ଷରୁ ସୁରକ୍ଷା ବ୍ୟବସ୍ଥା କରାଯାଇଥିଲା।
ଆସନ୍ତାକାଲି ରଥ ମନ୍ଦିରରେ ପହଞ୍ଚିବ ବୋଲି ସୂଚନା ମିଳିଛି।
ବାହୁଡ଼ା ଯାତ୍ରାରେ ମହିପଡ଼ାରେ ଅଟକି ଭକ୍ତଙ୍କୁ ଦର୍ଶନ ଦେଲେ ଶ୍ରୀଦଧିବାମନ ମହାପ୍ରଭୁ
ସୁବର୍ଣ୍ଣପୁର, ବ୍ୟୁରୋ
ପଶ୍ଚିମ ଓଡ଼ିଶାର ଐତିହାସିକ ଶ୍ରୀଦଧିବାମନ ମହାପ୍ରଭୁଙ୍କ ବାହୁଡ଼ା ଯାତ୍ରା ଅନୁଷ୍ଠିତ ହୋଇଛି। ରଥ ମହିପଡ଼ାରେ ଅଟକି ଭକ୍ତଙ୍କୁ ଦର୍ଶନ ଦେଇଥିଲା।
ଲକ୍ଷାଧିକ ଭକ୍ତ ଏଥିରେ ସାମିଲ ହୋଇଥିଲେ। ପ୍ରଶାସନ ପକ୍ଷରୁ ପାନୀୟ ଜଳ ଓ ସ୍ୱାସ୍ଥ୍ୟ ଶିବିର ବ୍ୟବସ୍ଥା କରାଯାଇଥିଲା।
ପଶ୍ଚିମ ଓଡ଼ିଶାର ଐତିହାସିକ ଶ୍ରୀଦଧିବାମନ ମହାପ୍ରଭୁଙ୍କ ବାହୁଡ଼ା ଯାତ୍ରା ଅନୁଷ୍ଠିତ ହୋଇଛି। ରଥ ମହିପଡ଼ାରେ ଅଟକି ଭକ୍ତଙ୍କୁ ଦର୍ଶନ ଦେଇଥିଲା।
ଲକ୍ଷାଧିକ ଭକ୍ତ ଏଥିରେ ସାମିଲ ହୋଇଥିଲେ। ପ୍ରଶାସନ ପକ୍ଷରୁ ପାନୀୟ ଜଳ ଓ ସ୍ୱାସ୍ଥ୍ୟ ଶିବିର ବ୍ୟବସ୍ଥା କରାଯାଇଥିଲା।
ପଶ୍ଚିମ ଓଡ଼ିଶାର ଐତିହାସିକ ଶ୍ରୀଦଧିବାମନ ମହାପ୍ରଭୁଙ୍କ ବାହୁଡ଼ା ଯାତ୍ରା ଅନୁଷ୍ଠିତ ହୋଇଛି। ରଥ ମହିପଡ଼ାରେ ଅଟକି ଭକ୍ତଙ୍କୁ ଦର୍ଶନ ଦେଇଥିଲା।
ଲକ୍ଷାଧିକ ଭକ୍ତ ଏଥିରେ ସାମିଲ ହୋଇଥିଲେ। ପ୍ରଶାସନ ପକ୍ଷରୁ ପାନୀୟ ଜଳ ଓ ସ୍ୱାସ୍ଥ୍ୟ ଶିବିର ବ୍ୟବସ୍ଥା କରାଯାଇଥିଲା।
